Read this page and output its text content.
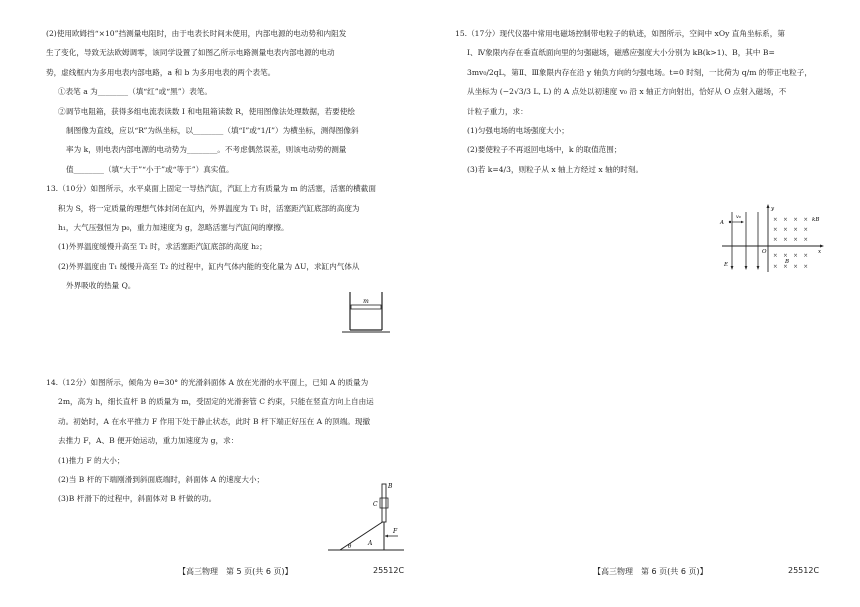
(2)使用欧姆挡“×10”挡测量电阻时，由于电表长时间未使用，内部电源的电动势和内阻发

生了变化，导致无法欧姆调零，该同学设置了如图乙所示电路测量电表内部电源的电动

势，虚线框内为多用电表内部电路，a 和 b 为多用电表的两个表笔。

①表笔 a 为________（填“红”或“黑”）表笔。

②调节电阻箱，获得多组电流表读数 I 和电阻箱读数 R，使用图像法处理数据，若要使绘

制图像为直线，应以“R”为纵坐标，以________（填“I”或“1/I”）为横坐标，测得图像斜

率为 k，则电表内部电源的电动势为________。不考虑偶然误差，则该电动势的测量

值________（填“大于”“小于”或“等于”）真实值。

13.（10分）如图所示，水平桌面上固定一导热汽缸，汽缸上方有质量为 m 的活塞，活塞的横截面

积为 S，将一定质量的理想气体封闭在缸内，外界温度为 T₁ 时，活塞距汽缸底部的高度为

h₁，大气压强恒为 p₀，重力加速度为 g，忽略活塞与汽缸间的摩擦。

(1)外界温度缓慢升高至 T₂ 时，求活塞距汽缸底部的高度 h₂；

(2)外界温度由 T₁ 缓慢升高至 T₂ 的过程中，缸内气体内能的变化量为 ΔU，求缸内气体从

外界吸收的热量 Q。

14.（12分）如图所示，倾角为 θ=30° 的光滑斜面体 A 放在光滑的水平面上，已知 A 的质量为

2m，高为 h，细长直杆 B 的质量为 m，受固定的光滑套管 C 约束，只能在竖直方向上自由运

动。初始时，A 在水平推力 F 作用下处于静止状态，此时 B 杆下端正好压在 A 的顶端。现撤

去推力 F，A、B 便开始运动，重力加速度为 g，求：

(1)推力 F 的大小；

(2)当 B 杆的下端刚滑到斜面底端时，斜面体 A 的速度大小；

(3)B 杆滑下的过程中，斜面体对 B 杆做的功。

m
B
C
F
A
θ
【高三物理　第 5 页(共 6 页)】	25512C

15.（17分）现代仪器中常用电磁场控制带电粒子的轨迹，如图所示，空间中 xOy 直角坐标系，第

Ⅰ、Ⅳ象限内存在垂直纸面向里的匀强磁场，磁感应强度大小分别为 kB(k>1)、B，其中 B=

3mv₀/2qL，第Ⅱ、Ⅲ象限内存在沿 y 轴负方向的匀强电场。t=0 时刻，一比荷为 q/m 的带正电粒子，

从坐标为 (−2√3/3 L, L) 的 A 点处以初速度 v₀ 沿 x 轴正方向射出，恰好从 O 点射入磁场，不

计粒子重力，求：

(1)匀强电场的电场强度大小；

(2)要使粒子不再返回电场中，k 的取值范围；

(3)若 k=4/3，则粒子从 x 轴上方经过 x 轴的时刻。

y
O	x
E
A
v₀	×　×　×　×
×　×　×　×
×　×　×　×
×　×　×　×
×　×　×　×
kB
B
【高三物理　第 6 页(共 6 页)】	25512C
